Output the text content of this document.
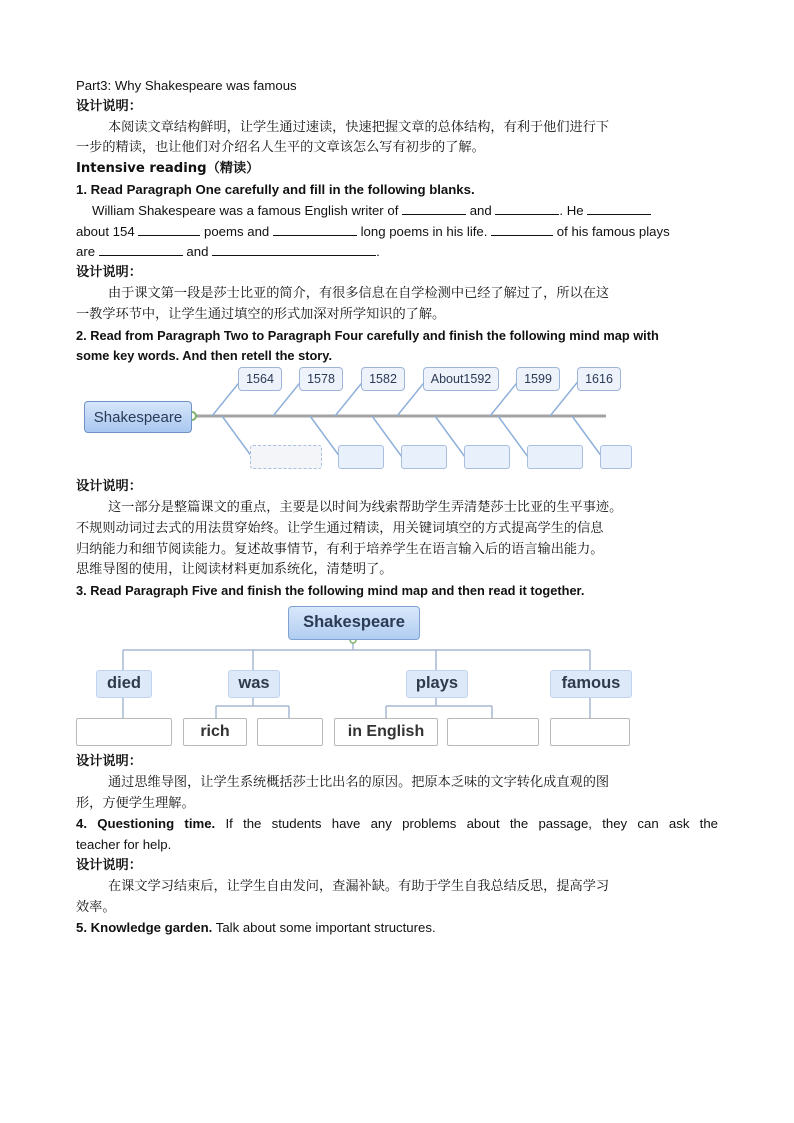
Part3: Why Shakespeare was famous
设计说明：
本阅读文章结构鲜明，让学生通过速读，快速把握文章的总体结构，有利于他们进行下
一步的精读，也让他们对介绍名人生平的文章该怎么写有初步的了解。
Intensive reading（精读）
1. Read Paragraph One carefully and fill in the following blanks.
William Shakespeare was a famous English writer of	and	. He
about 154	poems and	long poems in his life.	of his famous plays
are	and	.
设计说明：
由于课文第一段是莎士比亚的简介，有很多信息在自学检测中已经了解过了，所以在这
一教学环节中，让学生通过填空的形式加深对所学知识的了解。
2. Read from Paragraph Two to Paragraph Four carefully and finish the following mind map with
some key words. And then retell the story.
Shakespeare
1564	1578	1582	About1592	1599	1616
设计说明：
这一部分是整篇课文的重点，主要是以时间为线索帮助学生弄清楚莎士比亚的生平事迹。
不规则动词过去式的用法贯穿始终。让学生通过精读，用关键词填空的方式提高学生的信息
归纳能力和细节阅读能力。复述故事情节，有利于培养学生在语言输入后的语言输出能力。
思维导图的使用，让阅读材料更加系统化，清楚明了。
3. Read Paragraph Five and finish the following mind map and then read it together.
Shakespeare
died	was	plays	famous
rich	in English
设计说明：
通过思维导图，让学生系统概括莎士比出名的原因。把原本乏味的文字转化成直观的图
形，方便学生理解。
4. Questioning time. If the students have any problems about the passage, they can ask the
teacher for help.
设计说明：
在课文学习结束后，让学生自由发问，查漏补缺。有助于学生自我总结反思，提高学习
效率。
5. Knowledge garden. Talk about some important structures.
